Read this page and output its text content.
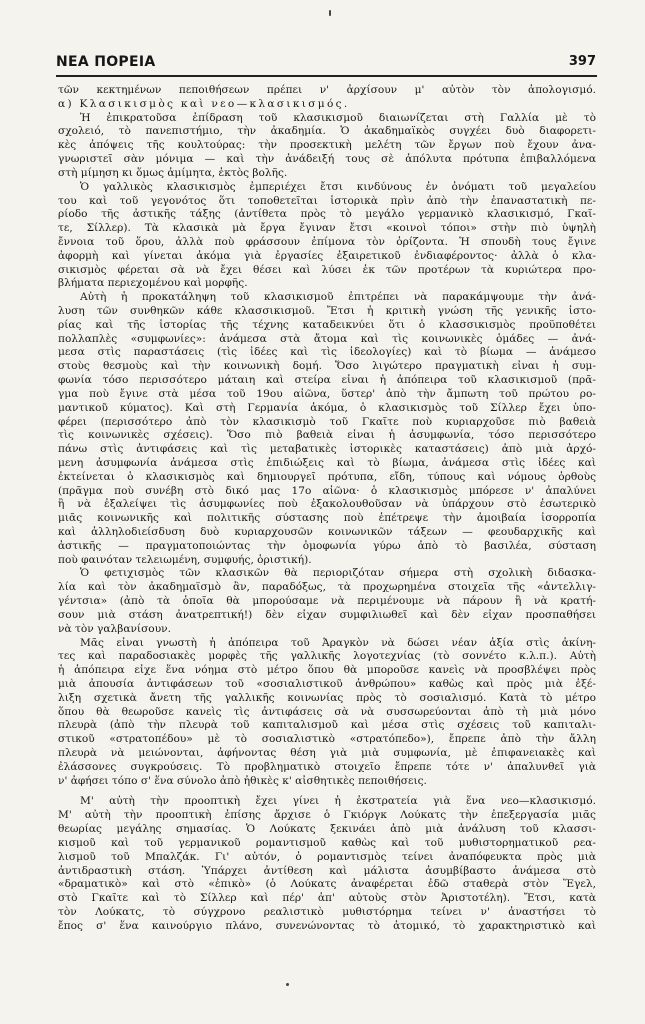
ΝΕΑ ΠΟΡΕΙΑ	397
τῶν κεκτημένων πεποιθήσεων πρέπει ν' ἀρχίσουν μ' αὐτὸν τὸν ἀπολογισμό.
α) Κλασικισμὸς καὶ νεο—κλασικισμός.
Ἡ ἐπικρατοῦσα ἐπίδραση τοῦ κλασικισμοῦ διαιωνίζεται στὴ Γαλλία μὲ τὸ
σχολειό, τὸ πανεπιστήμιο, τὴν ἀκαδημία. Ὁ ἀκαδημαϊκὸς συγχέει δυὸ διαφορετι-
κὲς ἀπόψεις τῆς κουλτούρας: τὴν προσεκτικὴ μελέτη τῶν ἔργων ποὺ ἔχουν ἀνα-
γνωριστεῖ σὰν μόνιμα — καὶ τὴν ἀνάδειξή τους σὲ ἀπόλυτα πρότυπα ἐπιβαλλόμενα
στὴ μίμηση κι ὅμως ἀμίμητα, ἐκτὸς βολῆς.
Ὁ γαλλικὸς κλασικισμὸς ἐμπεριέχει ἔτσι κινδύνους ἐν ὀνόματι τοῦ μεγαλείου
του καὶ τοῦ γεγονότος ὅτι τοποθετεῖται ἱστορικὰ πρὶν ἀπὸ τὴν ἐπαναστατικὴ πε-
ρίοδο τῆς ἀστικῆς τάξης (ἀντίθετα πρὸς τὸ μεγάλο γερμανικὸ κλασικισμό, Γκαῖ-
τε, Σίλλερ). Τὰ κλασικὰ μὰ ἔργα ἔγιναν ἔτσι «κοινοὶ τόποι» στὴν πιὸ ὑψηλὴ
ἔννοια τοῦ ὅρου, ἀλλὰ ποὺ φράσσουν ἐπίμονα τὸν ὁρίζοντα. Ἡ σπουδὴ τους ἔγινε
ἀφορμὴ καὶ γίνεται ἀκόμα γιὰ ἐργασίες ἐξαιρετικοῦ ἐνδιαφέροντος· ἀλλὰ ὁ κλα-
σικισμὸς φέρεται σὰ νὰ ἔχει θέσει καὶ λύσει ἐκ τῶν προτέρων τὰ κυριώτερα προ-
βλήματα περιεχομένου καὶ μορφῆς.
Αὐτὴ ἡ προκατάληψη τοῦ κλασικισμοῦ ἐπιτρέπει νὰ παρακάμψουμε τὴν ἀνά-
λυση τῶν συνθηκῶν κάθε κλασσικισμοῦ. Ἔτσι ἡ κριτικὴ γνώση τῆς γενικῆς ἱστο-
ρίας καὶ τῆς ἱστορίας τῆς τέχνης καταδεικνύει ὅτι ὁ κλασσικισμὸς προϋποθέτει
πολλαπλὲς «συμφωνίες»: ἀνάμεσα στὰ ἄτομα καὶ τὶς κοινωνικὲς ὁμάδες — ἀνά-
μεσα στὶς παραστάσεις (τὶς ἰδέες καὶ τὶς ἰδεολογίες) καὶ τὸ βίωμα — ἀνάμεσο
στοὺς θεσμοὺς καὶ τὴν κοινωνικὴ δομή. Ὅσο λιγώτερο πραγματικὴ εἶναι ἡ συμ-
φωνία τόσο περισσότερο μάταιη καὶ στείρα εἶναι ἡ ἀπόπειρα τοῦ κλασικισμοῦ (πρᾶ-
γμα ποὺ ἔγινε στὰ μέσα τοῦ 19ου αἰῶνα, ὕστερ' ἀπὸ τὴν ἄμπωτη τοῦ πρώτου ρο-
μαντικοῦ κύματος). Καὶ στὴ Γερμανία ἀκόμα, ὁ κλασικισμὸς τοῦ Σίλλερ ἔχει ὑπο-
φέρει (περισσότερο ἀπὸ τὸν κλασικισμὸ τοῦ Γκαῖτε ποὺ κυριαρχοῦσε πιὸ βαθειὰ
τὶς κοινωνικὲς σχέσεις). Ὅσο πιὸ βαθειὰ εἶναι ἡ ἀσυμφωνία, τόσο περισσότερο
πάνω στὶς ἀντιφάσεις καὶ τὶς μεταβατικὲς ἱστορικὲς καταστάσεις) ἀπὸ μιὰ ἀρχό-
μενη ἀσυμφωνία ἀνάμεσα στὶς ἐπιδιώξεις καὶ τὸ βίωμα, ἀνάμεσα στὶς ἰδέες καὶ
ἐκτείνεται ὁ κλασικισμὸς καὶ δημιουργεῖ πρότυπα, εἴδη, τύπους καὶ νόμους ὀρθοὺς
(πρᾶγμα ποὺ συνέβη στὸ δικό μας 17ο αἰῶνα· ὁ κλασικισμὸς μπόρεσε ν' ἀπαλύνει
ἢ νὰ ἐξαλείψει τὶς ἀσυμφωνίες ποὺ ἐξακολουθοῦσαν νὰ ὑπάρχουν στὸ ἐσωτερικὸ
μιᾶς κοινωνικῆς καὶ πολιτικῆς σύστασης ποὺ ἐπέτρεψε τὴν ἀμοιβαία ἰσορροπία
καὶ ἀλληλοδιείσδυση δυὸ κυριαρχουσῶν κοινωνικῶν τάξεων — φεουδαρχικῆς καὶ
ἀστικῆς — πραγματοποιώντας τὴν ὁμοφωνία γύρω ἀπὸ τὸ βασιλέα, σύσταση
ποὺ φαινόταν τελειωμένη, συμφυής, ὁριστική).
Ὁ φετιχισμὸς τῶν κλασικῶν θὰ περιοριζόταν σήμερα στὴ σχολικὴ διδασκα-
λία καὶ τὸν ἀκαδημαϊσμὸ ἂν, παραδόξως, τὰ προχωρημένα στοιχεῖα τῆς «ἀντελλιγ-
γέντσια» (ἀπὸ τὰ ὁποῖα θὰ μπορούσαμε νὰ περιμένουμε νὰ πάρουν ἢ νὰ κρατή-
σουν μιὰ στάση ἀνατρεπτική!) δὲν εἶχαν συμφιλιωθεῖ καὶ δὲν εἶχαν προσπαθήσει
νὰ τὸν γαλβανίσουν.
Μᾶς εἶναι γνωστὴ ἡ ἀπόπειρα τοῦ Ἀραγκὸν νὰ δώσει νέαν ἀξία στὶς ἀκίνη-
τες καὶ παραδοσιακὲς μορφὲς τῆς γαλλικῆς λογοτεχνίας (τὸ σοννέτο κ.λ.π.). Αὐτὴ
ἡ ἀπόπειρα εἶχε ἕνα νόημα στὸ μέτρο ὅπου θὰ μποροῦσε κανεὶς νὰ προσβλέψει πρὸς
μιὰ ἀπουσία ἀντιφάσεων τοῦ «σοσιαλιστικοῦ ἀνθρώπου» καθὼς καὶ πρὸς μιὰ ἐξέ-
λιξη σχετικὰ ἄνετη τῆς γαλλικῆς κοινωνίας πρὸς τὸ σοσιαλισμό. Κατὰ τὸ μέτρο
ὅπου θὰ θεωροῦσε κανεὶς τὶς ἀντιφάσεις σὰ νὰ συσσωρεύονται ἀπὸ τὴ μιὰ μόνο
πλευρὰ (ἀπὸ τὴν πλευρὰ τοῦ καπιταλισμοῦ καὶ μέσα στὶς σχέσεις τοῦ καπιταλι-
στικοῦ «στρατοπέδου» μὲ τὸ σοσιαλιστικὸ «στρατόπεδο»), ἔπρεπε ἀπὸ τὴν ἄλλη
πλευρὰ νὰ μειώνονται, ἀφήνοντας θέση γιὰ μιὰ συμφωνία, μὲ ἐπιφανειακὲς καὶ
ἐλάσσονες συγκρούσεις. Τὸ προβληματικὸ στοιχεῖο ἔπρεπε τότε ν' ἀπαλυνθεῖ γιὰ
ν' ἀφήσει τόπο σ' ἕνα σύνολο ἀπὸ ἠθικὲς κ' αἰσθητικὲς πεποιθήσεις.
Μ' αὐτὴ τὴν προοπτικὴ ἔχει γίνει ἡ ἐκστρατεία γιὰ ἕνα νεο—κλασικισμό.
Μ' αὐτὴ τὴν προοπτικὴ ἐπίσης ἄρχισε ὁ Γκιόργκ Λούκατς τὴν ἐπεξεργασία μιᾶς
θεωρίας μεγάλης σημασίας. Ὁ Λούκατς ξεκινάει ἀπὸ μιὰ ἀνάλυση τοῦ κλασσι-
κισμοῦ καὶ τοῦ γερμανικοῦ ρομαντισμοῦ καθὼς καὶ τοῦ μυθιστορηματικοῦ ρεα-
λισμοῦ τοῦ Μπαλζάκ. Γι' αὐτόν, ὁ ρομαντισμὸς τείνει ἀναπόφευκτα πρὸς μιὰ
ἀντιδραστικὴ στάση. Ὑπάρχει ἀντίθεση καὶ μάλιστα ἀσυμβίβαστο ἀνάμεσα στὸ
«δραματικὸ» καὶ στὸ «ἐπικὸ» (ὁ Λούκατς ἀναφέρεται ἐδῶ σταθερὰ στὸν Ἕγελ,
στὸ Γκαῖτε καὶ τὸ Σίλλερ καὶ πέρ' ἀπ' αὐτοὺς στὸν Ἀριστοτέλη). Ἔτσι, κατὰ
τὸν Λούκατς, τὸ σύγχρονο ρεαλιστικὸ μυθιστόρημα τείνει ν' ἀναστήσει τὸ
ἔπος σ' ἕνα καινούργιο πλάνο, συνενώνοντας τὸ ἀτομικό, τὸ χαρακτηριστικὸ καὶ
